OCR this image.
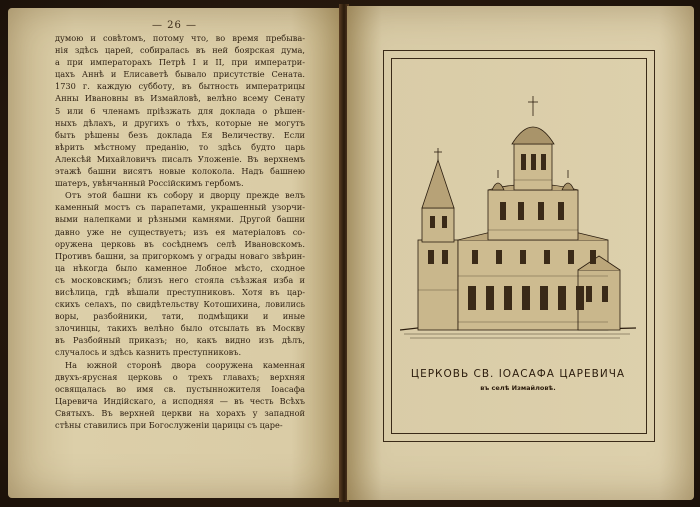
— 26 —
думою и совѣтомъ, потому что, во время пребыва-
нія здѣсь царей, собиралась въ ней боярская дума,
а при императорахъ Петрѣ I и II, при императри-
цахъ Аннѣ и Елисаветѣ бывало присутствіе Сената.
1730 г. каждую субботу, въ бытность императрицы
Анны Ивановны въ Измайловѣ, велѣно всему Сенату
5 или 6 членамъ пріѣзжать для доклада о рѣшен-
ныхъ дѣлахъ, и другихъ о тѣхъ, которые не могутъ
быть рѣшены безъ доклада Ея Величеству. Если
вѣрить мѣстному преданію, то здѣсь будто царь
Алексѣй Михайловичъ писалъ Уложеніе. Въ верхнемъ
этажѣ башни висятъ новые колокола. Надъ башнею
шатеръ, увѣнчанный Россійскимъ гербомъ.
Отъ этой башни къ собору и дворцу прежде велъ
каменный мостъ съ парапетами, украшенный узорчи-
выми налепками и рѣзными камнями. Другой башни
давно уже не существуетъ; изъ ея матеріаловъ со-
оружена церковь въ сосѣднемъ селѣ Ивановскомъ.
Противъ башни, за пригоркомъ у ограды новаго звѣрин-
ца нѣкогда было каменное Лобное мѣсто, сходное
съ московскимъ; близъ него стояла съѣзжая изба и
висѣлица, гдѣ вѣшали преступниковъ. Хотя въ цар-
скихъ селахъ, по свидѣтельству Котошихина, ловились
воры, разбойники, тати, подмѣщики и иные
злочинцы, такихъ велѣно было отсылать въ Москву
въ Разбойный приказъ; но, какъ видно изъ дѣлъ,
случалось и здѣсь казнить преступниковъ.
На южной сторонѣ двора сооружена каменная
двухъ-ярусная церковь о трехъ главахъ; верхняя
освящалась во имя св. пустынножителя Іоасафа
Царевича Индійскаго, а исподняя — въ честь Всѣхъ
Святыхъ. Въ верхней церкви на хорахъ у западной
стѣны ставились при Богослуженіи царицы съ царе-
ЦЕРКОВЬ СВ. ІОАСАФА ЦАРЕВИЧА
въ селѣ Измайловѣ.
